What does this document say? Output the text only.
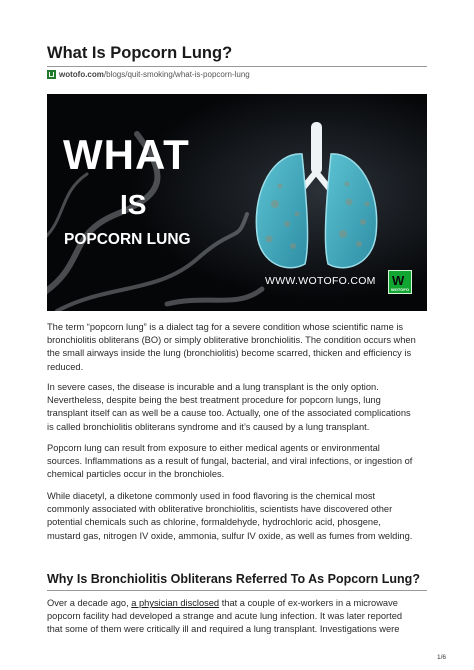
What Is Popcorn Lung?
wotofo.com /blogs/quit-smoking/what-is-popcorn-lung
WHAT
IS
POPCORN LUNG
WWW.WOTOFO.COM W
WOTOFO

The term “popcorn lung” is a dialect tag for a severe condition whose scientific name is
bronchiolitis obliterans (BO) or simply obliterative bronchiolitis. The condition occurs when
the small airways inside the lung (bronchiolitis) become scarred, thicken and efficiency is
reduced.

In severe cases, the disease is incurable and a lung transplant is the only option.
Nevertheless, despite being the best treatment procedure for popcorn lungs, lung
transplant itself can as well be a cause too. Actually, one of the associated complications
is called bronchiolitis obliterans syndrome and it’s caused by a lung transplant.

Popcorn lung can result from exposure to either medical agents or environmental
sources. Inflammations as a result of fungal, bacterial, and viral infections, or ingestion of
chemical particles occur in the bronchioles.

While diacetyl, a diketone commonly used in food flavoring is the chemical most
commonly associated with obliterative bronchiolitis, scientists have discovered other
potential chemicals such as chlorine, formaldehyde, hydrochloric acid, phosgene,
mustard gas, nitrogen IV oxide, ammonia, sulfur IV oxide, as well as fumes from welding.

Why Is Bronchiolitis Obliterans Referred To As Popcorn Lung?

Over a decade ago, a physician disclosed that a couple of ex-workers in a microwave
popcorn facility had developed a strange and acute lung infection. It was later reported
that some of them were critically ill and required a lung transplant. Investigations were

1/6
